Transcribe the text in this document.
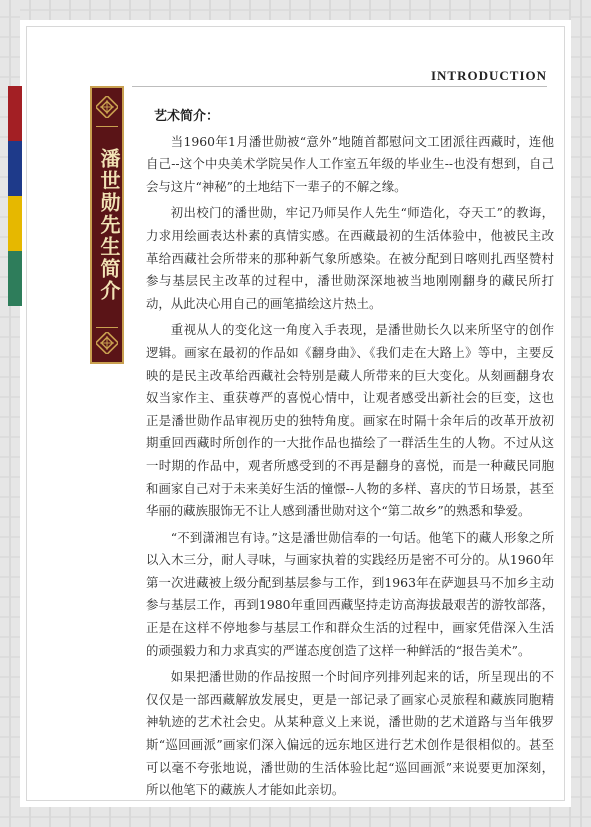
INTRODUCTION
潘世勋先生简介
艺术简介：

当1960年1月潘世勋被“意外”地随首都慰问文工团派往西藏时，连他自己--这个中央美术学院吴作人工作室五年级的毕业生--也没有想到，自己会与这片“神秘”的土地结下一辈子的不解之缘。

初出校门的潘世勋，牢记乃师吴作人先生“师造化，夺天工”的教诲，力求用绘画表达朴素的真情实感。在西藏最初的生活体验中，他被民主改革给西藏社会所带来的那种新气象所感染。在被分配到日喀则扎西坚赞村参与基层民主改革的过程中，潘世勋深深地被当地刚刚翻身的藏民所打动，从此决心用自己的画笔描绘这片热土。

重视从人的变化这一角度入手表现，是潘世勋长久以来所坚守的创作逻辑。画家在最初的作品如《翻身曲》、《我们走在大路上》等中，主要反映的是民主改革给西藏社会特别是藏人所带来的巨大变化。从刻画翻身农奴当家作主、重获尊严的喜悦心情中，让观者感受出新社会的巨变，这也正是潘世勋作品审视历史的独特角度。画家在时隔十余年后的改革开放初期重回西藏时所创作的一大批作品也描绘了一群活生生的人物。不过从这一时期的作品中，观者所感受到的不再是翻身的喜悦，而是一种藏民同胞和画家自己对于未来美好生活的憧憬--人物的多样、喜庆的节日场景，甚至华丽的藏族服饰无不让人感到潘世勋对这个“第二故乡”的熟悉和挚爱。

“不到潇湘岂有诗。”这是潘世勋信奉的一句话。他笔下的藏人形象之所以入木三分，耐人寻味，与画家执着的实践经历是密不可分的。从1960年第一次进藏被上级分配到基层参与工作，到1963年在萨迦县马不加乡主动参与基层工作，再到1980年重回西藏坚持走访高海拔最艰苦的游牧部落，正是在这样不停地参与基层工作和群众生活的过程中，画家凭借深入生活的顽强毅力和力求真实的严谨态度创造了这样一种鲜活的“报告美术”。

如果把潘世勋的作品按照一个时间序列排列起来的话，所呈现出的不仅仅是一部西藏解放发展史，更是一部记录了画家心灵旅程和藏族同胞精神轨迹的艺术社会史。从某种意义上来说，潘世勋的艺术道路与当年俄罗斯“巡回画派”画家们深入偏远的远东地区进行艺术创作是很相似的。甚至可以毫不夸张地说，潘世勋的生活体验比起“巡回画派”来说要更加深刻，所以他笔下的藏族人才能如此亲切。
